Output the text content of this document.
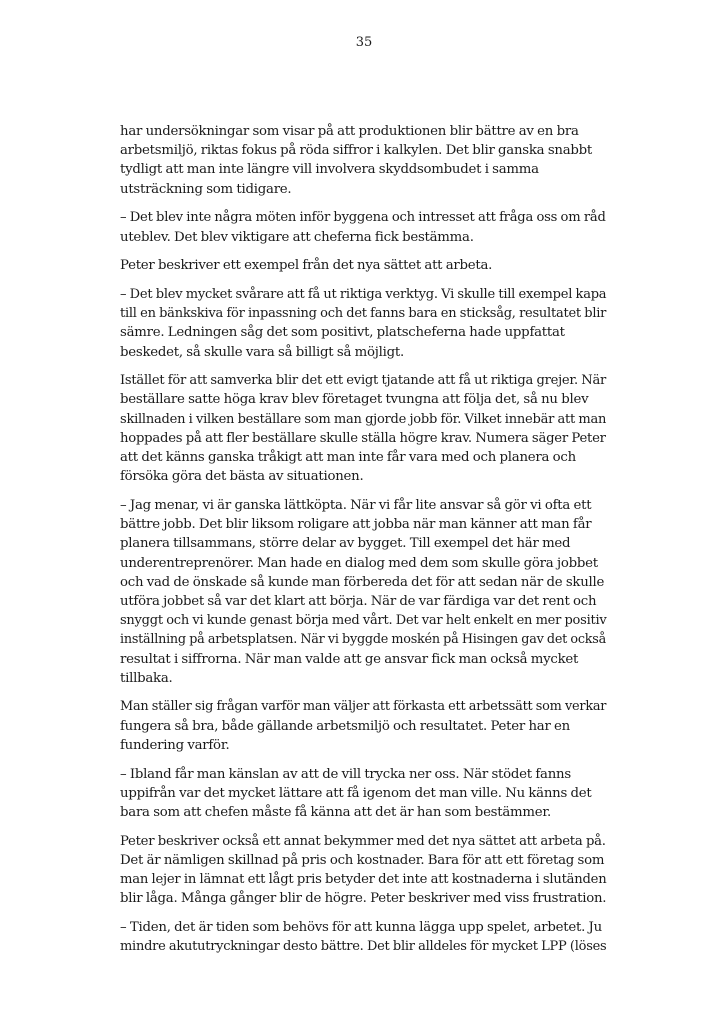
35

har undersökningar som visar på att produktionen blir bättre av en bra
arbetsmiljö, riktas fokus på röda siffror i kalkylen. Det blir ganska snabbt
tydligt att man inte längre vill involvera skyddsombudet i samma
utsträckning som tidigare.

– Det blev inte några möten inför byggena och intresset att fråga oss om råd
uteblev. Det blev viktigare att cheferna fick bestämma.

Peter beskriver ett exempel från det nya sättet att arbeta.

– Det blev mycket svårare att få ut riktiga verktyg. Vi skulle till exempel kapa
till en bänkskiva för inpassning och det fanns bara en sticksåg, resultatet blir
sämre. Ledningen såg det som positivt, platscheferna hade uppfattat
beskedet, så skulle vara så billigt så möjligt.

Istället för att samverka blir det ett evigt tjatande att få ut riktiga grejer. När
beställare satte höga krav blev företaget tvungna att följa det, så nu blev
skillnaden i vilken beställare som man gjorde jobb för. Vilket innebär att man
hoppades på att fler beställare skulle ställa högre krav. Numera säger Peter
att det känns ganska tråkigt att man inte får vara med och planera och
försöka göra det bästa av situationen.

– Jag menar, vi är ganska lättköpta. När vi får lite ansvar så gör vi ofta ett
bättre jobb. Det blir liksom roligare att jobba när man känner att man får
planera tillsammans, större delar av bygget. Till exempel det här med
underentreprenörer. Man hade en dialog med dem som skulle göra jobbet
och vad de önskade så kunde man förbereda det för att sedan när de skulle
utföra jobbet så var det klart att börja. När de var färdiga var det rent och
snyggt och vi kunde genast börja med vårt. Det var helt enkelt en mer positiv
inställning på arbetsplatsen. När vi byggde moskén på Hisingen gav det också
resultat i siffrorna. När man valde att ge ansvar fick man också mycket
tillbaka.

Man ställer sig frågan varför man väljer att förkasta ett arbetssätt som verkar
fungera så bra, både gällande arbetsmiljö och resultatet. Peter har en
fundering varför.

– Ibland får man känslan av att de vill trycka ner oss. När stödet fanns
uppifrån var det mycket lättare att få igenom det man ville. Nu känns det
bara som att chefen måste få känna att det är han som bestämmer.

Peter beskriver också ett annat bekymmer med det nya sättet att arbeta på.
Det är nämligen skillnad på pris och kostnader. Bara för att ett företag som
man lejer in lämnat ett lågt pris betyder det inte att kostnaderna i slutänden
blir låga. Många gånger blir de högre. Peter beskriver med viss frustration.

– Tiden, det är tiden som behövs för att kunna lägga upp spelet, arbetet. Ju
mindre akututryckningar desto bättre. Det blir alldeles för mycket LPP (löses
